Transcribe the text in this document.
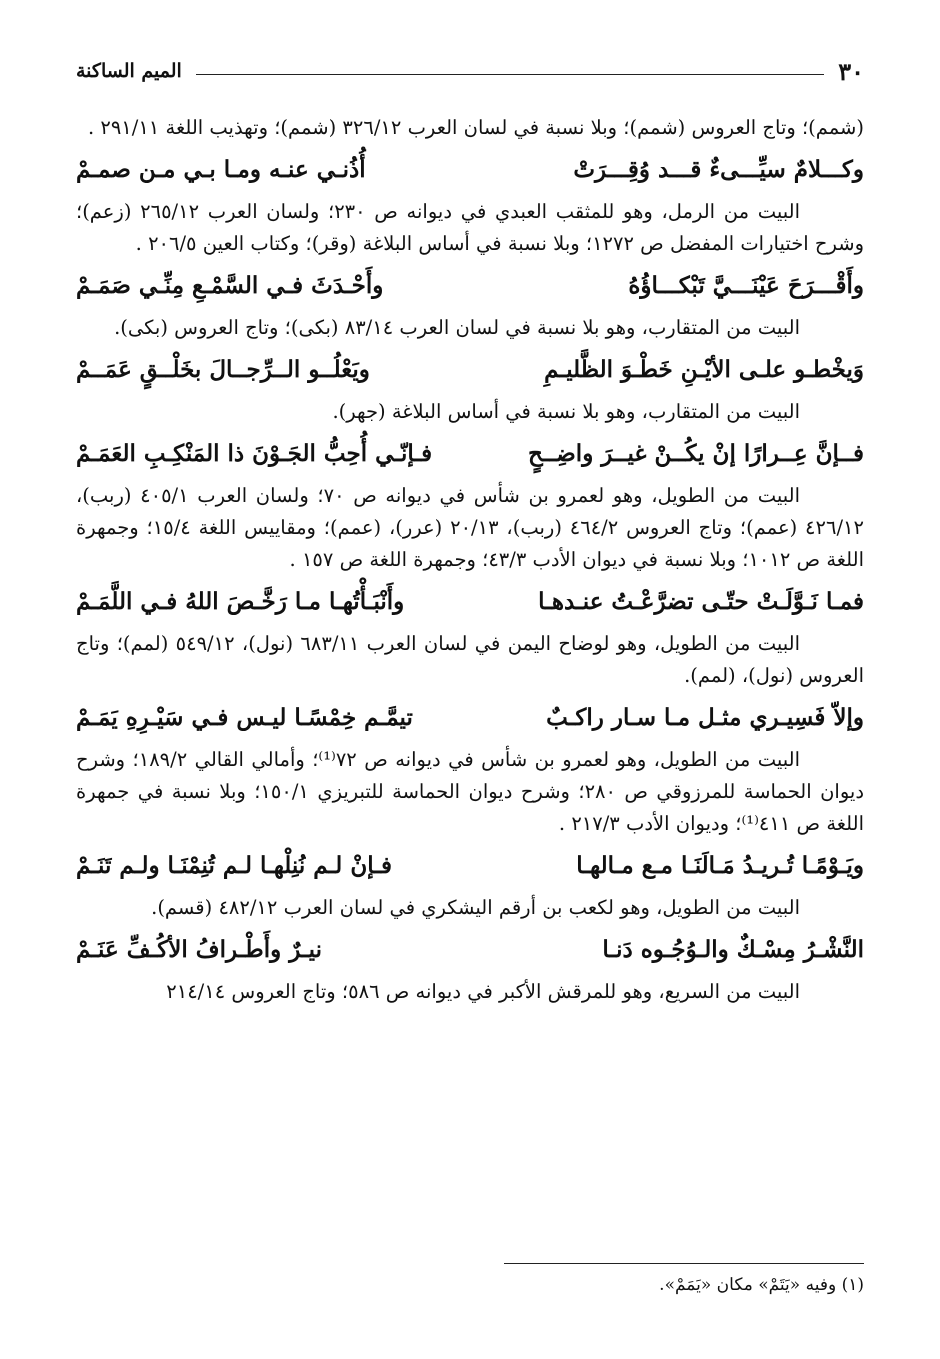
٣٠
الميم الساكنة

(شمم)؛ وتاج العروس (شمم)؛ وبلا نسبة في لسان العرب ٣٢٦/١٢ (شمم)؛ وتهذيب اللغة ٢٩١/١١ .

وكـــلامٌ سيِّـــىءٌ قـــد وُقِـــرَتْ
أُذُنـي عنـه ومـا بـي مـن صمـمْ

البيت من الرمل، وهو للمثقب العبدي في ديوانه ص ٢٣٠؛ ولسان العرب ٢٦٥/١٢ (زعم)؛ وشرح اختيارات المفضل ص ١٢٧٢؛ وبلا نسبة في أساس البلاغة (وقر)؛ وكتاب العين ٢٠٦/٥ .

وأَقْـــرَحَ عَيْنَـــيَّ تَبْكـــاؤُهُ
وأَحْـدَثَ فـي السَّمْـعِ مِنِّـي صَمَـمْ

البيت من المتقارب، وهو بلا نسبة في لسان العرب ٨٣/١٤ (بكى)؛ وتاج العروس (بكى).

وَيخْطـو علـى الأيْـنِ خَطْـوَ الظَّليـمِ
ويَعْلُــو الــرِّجــالَ بخَلْــقٍ عَمَــمْ

البيت من المتقارب، وهو بلا نسبة في أساس البلاغة (جهر).

فــإنَّ عِــرارًا إنْ يكُــنْ غيــرَ واضِــحٍ
فـإنّـي أُحِبُّ الجَـوْنَ ذا المَنْكِـبِ العَمَـمْ

البيت من الطويل، وهو لعمرو بن شأس في ديوانه ص ٧٠؛ ولسان العرب ٤٠٥/١ (ربب)، ٤٢٦/١٢ (عمم)؛ وتاج العروس ٤٦٤/٢ (ربب)، ٢٠/١٣ (عرر)، (عمم)؛ ومقاييس اللغة ١٥/٤؛ وجمهرة اللغة ص ١٠١٢؛ وبلا نسبة في ديوان الأدب ٤٣/٣؛ وجمهرة اللغة ص ١٥٧ .

فمـا نَـوَّلَـتْ حتّـى تضرَّعْـتُ عنـدهـا
وأَنْبَـأْتُهـا مـا رَخَّـصَ اللهُ فـي اللَّمَـمْ

البيت من الطويل، وهو لوضاح اليمن في لسان العرب ٦٨٣/١١ (نول)، ٥٤٩/١٢ (لمم)؛ وتاج العروس (نول)، (لمم).

وإلاّ فَسِيـري مثـل مـا سـار راكـبٌ
تيمَّـم خِمْسًـا ليـس فـي سَيْـرِهِ يَمَـمْ

البيت من الطويل، وهو لعمرو بن شأس في ديوانه ص ٧٢⁽¹⁾؛ وأمالي القالي ١٨٩/٢؛ وشرح ديوان الحماسة للمرزوقي ص ٢٨٠؛ وشرح ديوان الحماسة للتبريزي ١٥٠/١؛ وبلا نسبة في جمهرة اللغة ص ٤١١⁽¹⁾؛ وديوان الأدب ٢١٧/٣ .

ويَـوْمًـا تُـريـدُ مَـالَنَـا مـع مـالهـا
فـإنْ لـم نُنِلْهـا لـم تُنِمْنَـا ولـم تَنَـمْ

البيت من الطويل، وهو لكعب بن أرقم اليشكري في لسان العرب ٤٨٢/١٢ (قسم).

النَّشْـرُ مِسْـكٌ والـوُجُـوه دَنـا
نيـرٌ وأَطْـرافُ الأكُـفِّ عَنَـمْ

البيت من السريع، وهو للمرقش الأكبر في ديوانه ص ٥٨٦؛ وتاج العروس ٢١٤/١٤

(١) وفيه «يَتَمْ» مكان «يَمَمْ».
